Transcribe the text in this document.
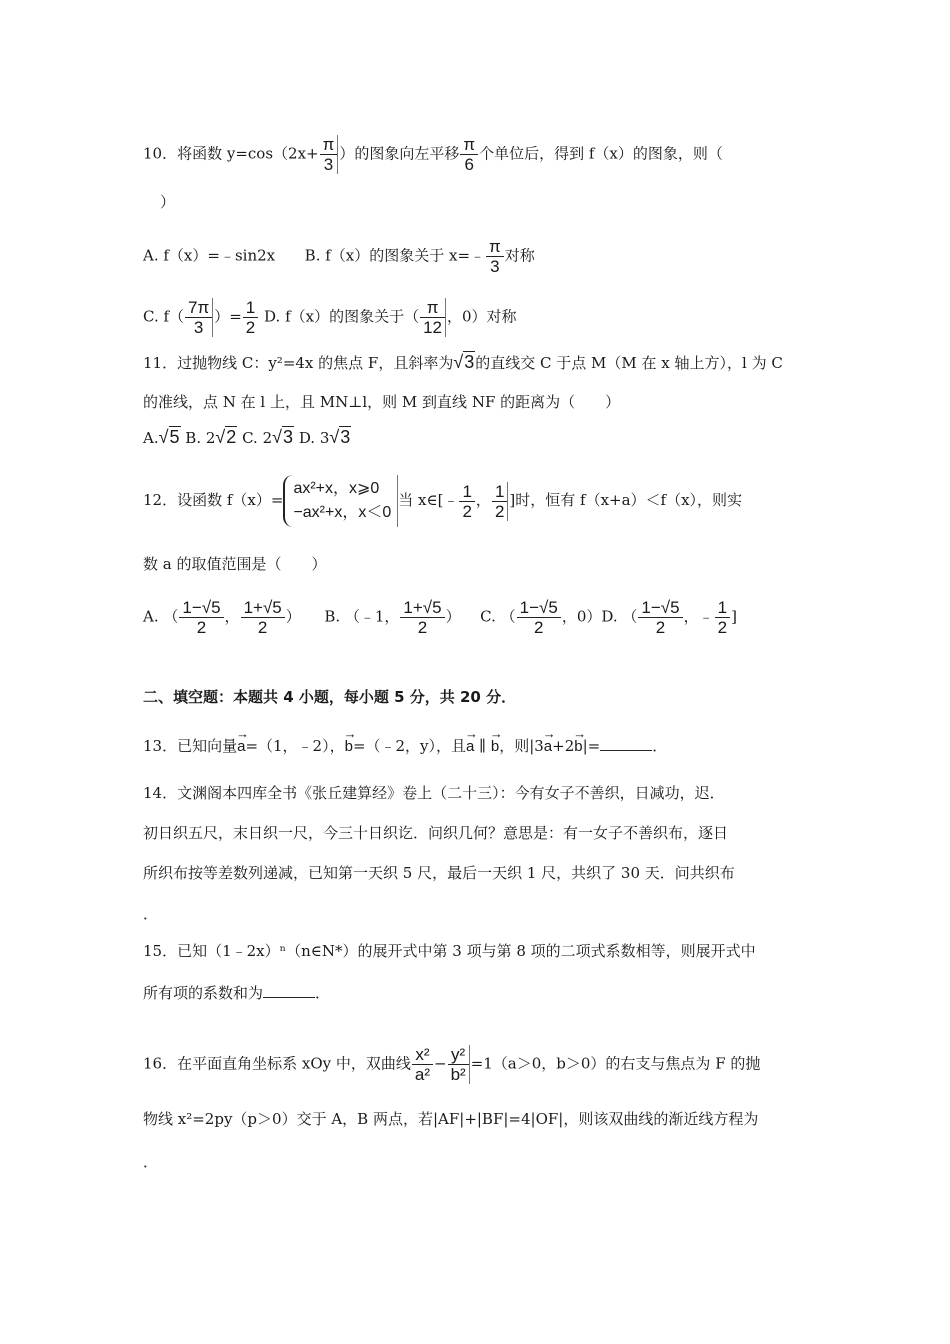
10．将函数 $y=\cos(2x+ \frac{\pi}{3}$ ）的图象向左平移 $\frac{\pi}{6}$ 个单位后，得到 f（x）的图象，则（
）
A. f（x）=﹣sin2x B. f（x）的图象关于 x=﹣ $\frac{\pi}{3}$ 对称
C. $f( \frac{7\pi}{3}$ ）= $\frac{1}{2} D$. f（x）的图象关于（ $\frac{\pi}{12}$ ，0）对称
11．过抛物线 C：y²=4x 的焦点 F，且斜率为√3的直线交 C 于点 M（M 在 x 轴上方），l 为 C
的准线，点 N 在 l 上，且 MN⊥l，则 M 到直线 NF 的距离为（　　）
A.√5 B. 2√2 C. 2√3 D. 3√3
12．设函数 f（x）=
ax²+x，x⩾0
−ax²+x，x＜0
当 x∈[﹣ $\frac{1}{2}$ ， $\frac{1}{2}$ ]时，恒有 f（x+a）＜f（x），则实
数 a 的取值范围是（　　）
A. （ $\frac{1-√5}{2}$ ， $\frac{1+√5}{2}$ ） B. （﹣1， $\frac{1+√5}{2}$ ） C. （ $\frac{1-√5}{2}$ ，0）D. （ $\frac{1-√5}{2}$ ，﹣ $\frac{1}{2}$ ]
二、填空题：本题共 4 小题，每小题 5 分，共 20 分．
13．已知向量→ a=（1，﹣2），→ b=（﹣2，y），且→ a ∥ → b，则|3→ a+2→ b|=	．
14．文渊阁本四库全书《张丘建算经》卷上（二十三）：今有女子不善织，日减功，迟．
初日织五尺，末日织一尺，今三十日织讫．问织几何？意思是：有一女子不善织布，逐日
所织布按等差数列递减，已知第一天织 5 尺，最后一天织 1 尺，共织了 30 天．问共织布
．
15．已知（1﹣2x）ⁿ（n∈N*）的展开式中第 3 项与第 8 项的二项式系数相等，则展开式中
所有项的系数和为	．
16．在平面直角坐标系 xOy 中，双曲线 $\frac{\text{x²}}{\text{a²}} - \frac{\text{y²}}{\text{b²}} =1(a>0$，b＞0）的右支与焦点为 F 的抛
物线 x²=2py（p＞0）交于 A，B 两点，若|AF|+|BF|=4|OF|，则该双曲线的渐近线方程为
．
